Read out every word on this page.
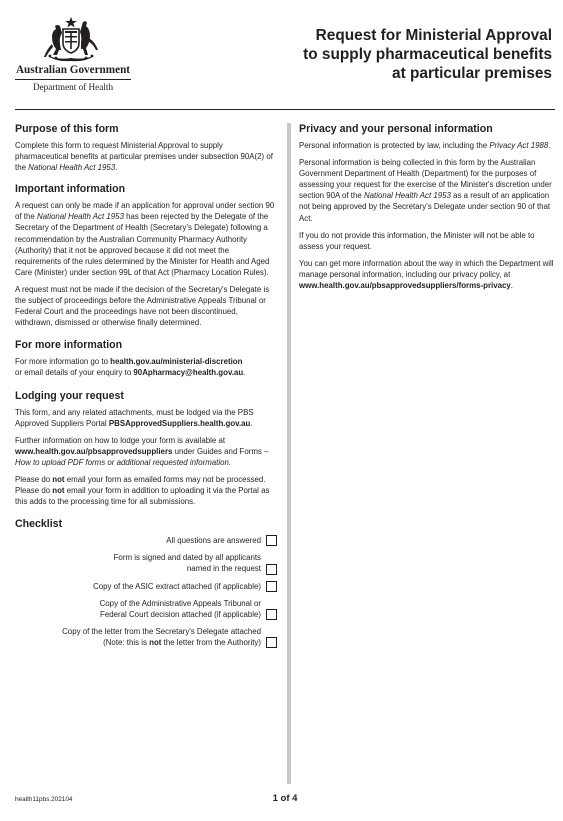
Australian Government
Department of Health
Request for Ministerial Approval
to supply pharmaceutical benefits
at particular premises
Purpose of this form

Complete this form to request Ministerial Approval to supply pharmaceutical benefits at particular premises under subsection 90A(2) of the National Health Act 1953.

Important information

A request can only be made if an application for approval under section 90 of the National Health Act 1953 has been rejected by the Delegate of the Secretary of the Department of Health (Secretary's Delegate) following a recommendation by the Australian Community Pharmacy Authority (Authority) that it not be approved because it did not meet the requirements of the rules determined by the Minister for Health and Aged Care (Minister) under section 99L of that Act (Pharmacy Location Rules).

A request must not be made if the decision of the Secretary's Delegate is the subject of proceedings before the Administrative Appeals Tribunal or Federal Court and the proceedings have not been discontinued, withdrawn, dismissed or otherwise finally determined.

For more information

For more information go to health.gov.au/ministerial-discretion
or email details of your enquiry to 90Apharmacy@health.gov.au.

Lodging your request

This form, and any related attachments, must be lodged via the PBS Approved Suppliers Portal PBSApprovedSuppliers.health.gov.au.

Further information on how to lodge your form is available at www.health.gov.au/pbsapprovedsuppliers under Guides and Forms – How to upload PDF forms or additional requested information.

Please do not email your form as emailed forms may not be processed. Please do not email your form in addition to uploading it via the Portal as this adds to the processing time for all submissions.

Checklist
All questions are answered
Form is signed and dated by all applicants
named in the request
Copy of the ASIC extract attached (if applicable)
Copy of the Administrative Appeals Tribunal or
Federal Court decision attached (if applicable)
Copy of the letter from the Secretary's Delegate attached
(Note: this is not the letter from the Authority)
Privacy and your personal information

Personal information is protected by law, including the Privacy Act 1988.

Personal information is being collected in this form by the Australian Government Department of Health (Department) for the purposes of assessing your request for the exercise of the Minister's discretion under section 90A of the National Health Act 1953 as a result of an application not being approved by the Secretary's Delegate under section 90 of that Act.

If you do not provide this information, the Minister will not be able to assess your request.

You can get more information about the way in which the Department will manage personal information, including our privacy policy, at www.health.gov.au/pbsapprovedsuppliers/forms-privacy.

health11pbs.202104	1 of 4
